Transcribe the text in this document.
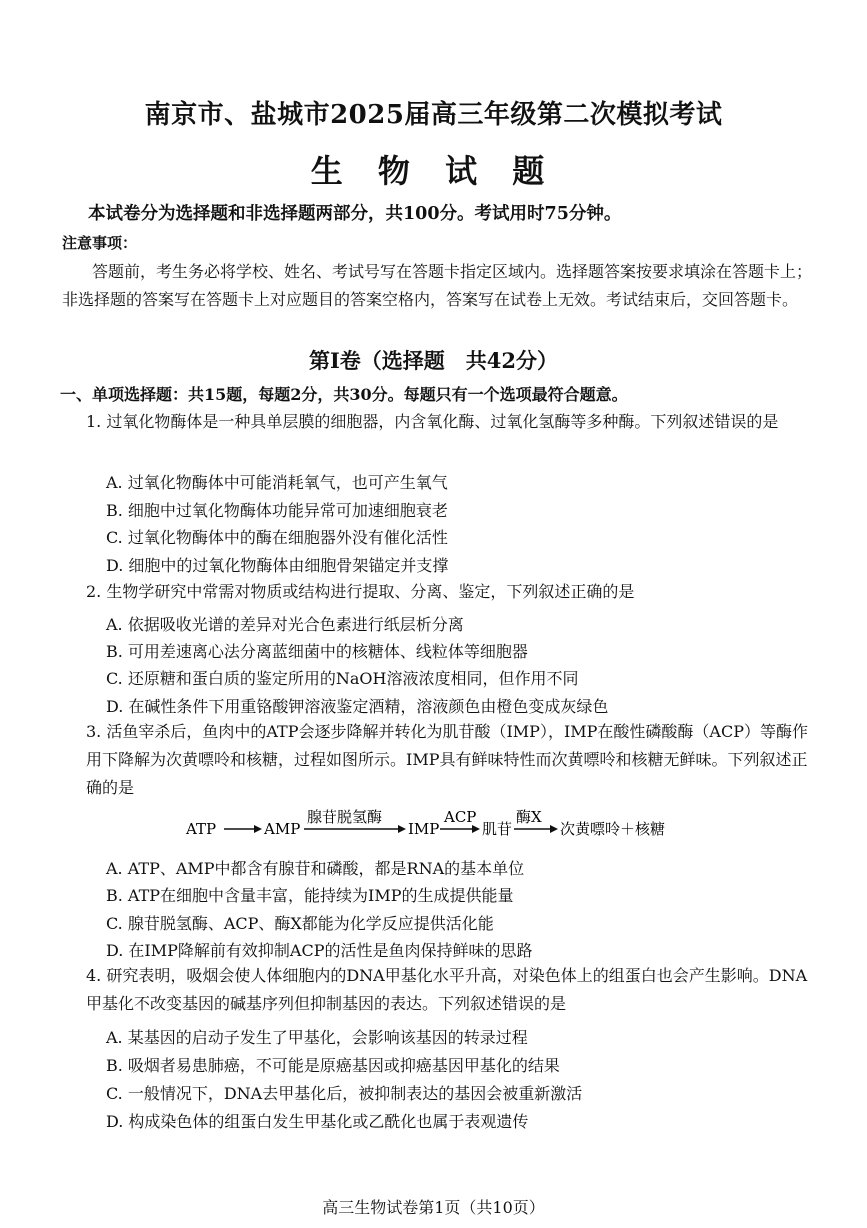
南京市、盐城市2025届高三年级第二次模拟考试
生 物 试 题
本试卷分为选择题和非选择题两部分，共100分。考试用时75分钟。
注意事项：
答题前，考生务必将学校、姓名、考试号写在答题卡指定区域内。选择题答案按要求填涂在答题卡上；非选择题的答案写在答题卡上对应题目的答案空格内，答案写在试卷上无效。考试结束后，交回答题卡。
第Ⅰ卷（选择题　共42分）
一、单项选择题：共15题，每题2分，共30分。每题只有一个选项最符合题意。
1. 过氧化物酶体是一种具单层膜的细胞器，内含氧化酶、过氧化氢酶等多种酶。下列叙述错误的是
A. 过氧化物酶体中可能消耗氧气，也可产生氧气
B. 细胞中过氧化物酶体功能异常可加速细胞衰老
C. 过氧化物酶体中的酶在细胞器外没有催化活性
D. 细胞中的过氧化物酶体由细胞骨架锚定并支撑
2. 生物学研究中常需对物质或结构进行提取、分离、鉴定，下列叙述正确的是
A. 依据吸收光谱的差异对光合色素进行纸层析分离
B. 可用差速离心法分离蓝细菌中的核糖体、线粒体等细胞器
C. 还原糖和蛋白质的鉴定所用的NaOH溶液浓度相同，但作用不同
D. 在碱性条件下用重铬酸钾溶液鉴定酒精，溶液颜色由橙色变成灰绿色
3. 活鱼宰杀后，鱼肉中的ATP会逐步降解并转化为肌苷酸（IMP），IMP在酸性磷酸酶（ACP）等酶作用下降解为次黄嘌呤和核糖，过程如图所示。IMP具有鲜味特性而次黄嘌呤和核糖无鲜味。下列叙述正确的是
ATP	AMP
腺苷脱氢酶
IMP
ACP
肌苷
酶X
次黄嘌呤＋核糖
A. ATP、AMP中都含有腺苷和磷酸，都是RNA的基本单位
B. ATP在细胞中含量丰富，能持续为IMP的生成提供能量
C. 腺苷脱氢酶、ACP、酶X都能为化学反应提供活化能
D. 在IMP降解前有效抑制ACP的活性是鱼肉保持鲜味的思路
4. 研究表明，吸烟会使人体细胞内的DNA甲基化水平升高，对染色体上的组蛋白也会产生影响。DNA甲基化不改变基因的碱基序列但抑制基因的表达。下列叙述错误的是
A. 某基因的启动子发生了甲基化，会影响该基因的转录过程
B. 吸烟者易患肺癌，不可能是原癌基因或抑癌基因甲基化的结果
C. 一般情况下，DNA去甲基化后，被抑制表达的基因会被重新激活
D. 构成染色体的组蛋白发生甲基化或乙酰化也属于表观遗传
高三生物试卷第1页（共10页）
